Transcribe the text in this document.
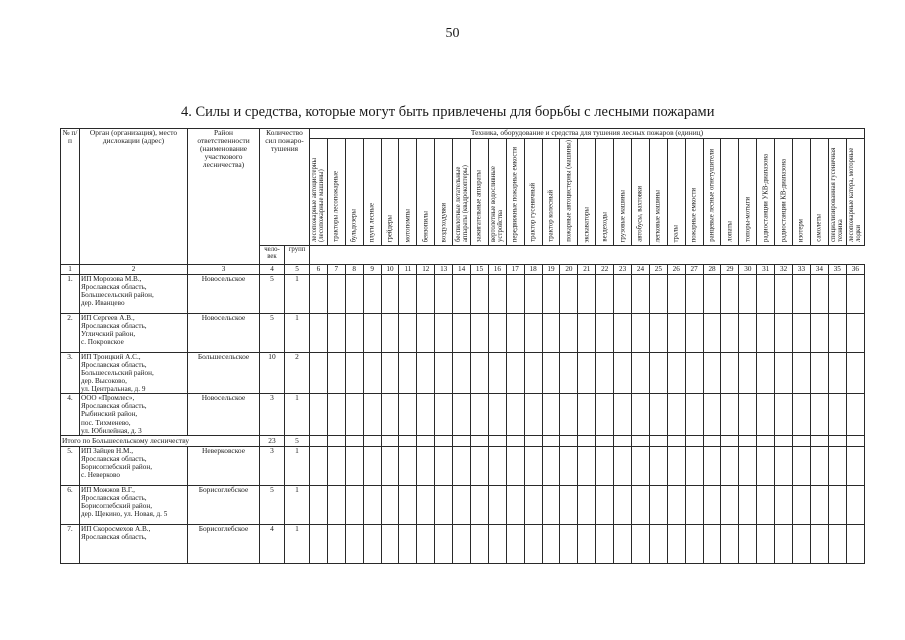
50
4. Силы и средства, которые могут быть привлечены для борьбы с лесными пожарами
№ п/п	Орган (организация), место дислокации (адрес)	Район ответственности (наименование участкового лесничества)	Количество сил пожаро-тушения		Техника, оборудование и средства для тушения лесных пожаров (единиц)																														

					лесопожарные автоцистерны (лесопожарные машины)	тракторы лесопожарные	бульдозеры	плуги лесные	грейдеры	мотопомпы	бензопилы	воздуходувки	беспилотные летательные аппараты (квадрокоптеры)	зажигательные аппараты	вертолетные водосливные устройства	передвижные пожарные емкости	трактор гусеничный	трактор колесный	пожарные автоцистерны (машины)	экскаваторы	вездеходы	грузовые машины	автобусы, вахтовки	легковые машины	тралы	пожарные емкости	ранцевые лесные огнетушители	лопаты	топоры-мотыги	радиостанции УКВ-диапазона	радиостанции КВ-диапазона	изотерм	самолеты	специализированная гусеничная техника	лесопожарные катера, моторные лодки

			чело-век	групп																															
1	2	3	4	5	6	7	8	9	10	11	12	13	14	15	16	17	18	19	20	21	22	23	24	25	26	27	28	29	30	31	32	33	34	35	36
1.	ИП Морозова М.В.,
Ярославская область,
Большесельский район,
дер. Иванцево	Новосельское	5	1																															
2.	ИП Сергеев А.В.,
Ярославская область,
Угличский район,
с. Покровское	Новосельское	5	1																															
3.	ИП Троицкий А.С.,
Ярославская область,
Большесельский район,
дер. Высоково,
ул. Центральная, д. 9	Большесельское	10	2																															
4.	ООО «Промлес»,
Ярославская область,
Рыбинский район,
пос. Тихменево,
ул. Юбилейная, д. 3	Новосельское	3	1																															
Итого по Большесельскому лесничеству			23	5																															
5.	ИП Зайцев Н.М.,
Ярославская область,
Борисоглебский район,
с. Неверково	Неверковское	3	1																															
6.	ИП Можжов В.Г.,
Ярославская область,
Борисоглебский район,
дер. Щекино, ул. Новая, д. 5	Борисоглебское	5	1																															
7.	ИП Скоросмехов А.В.,
Ярославская область,	Борисоглебское	4	1																															
